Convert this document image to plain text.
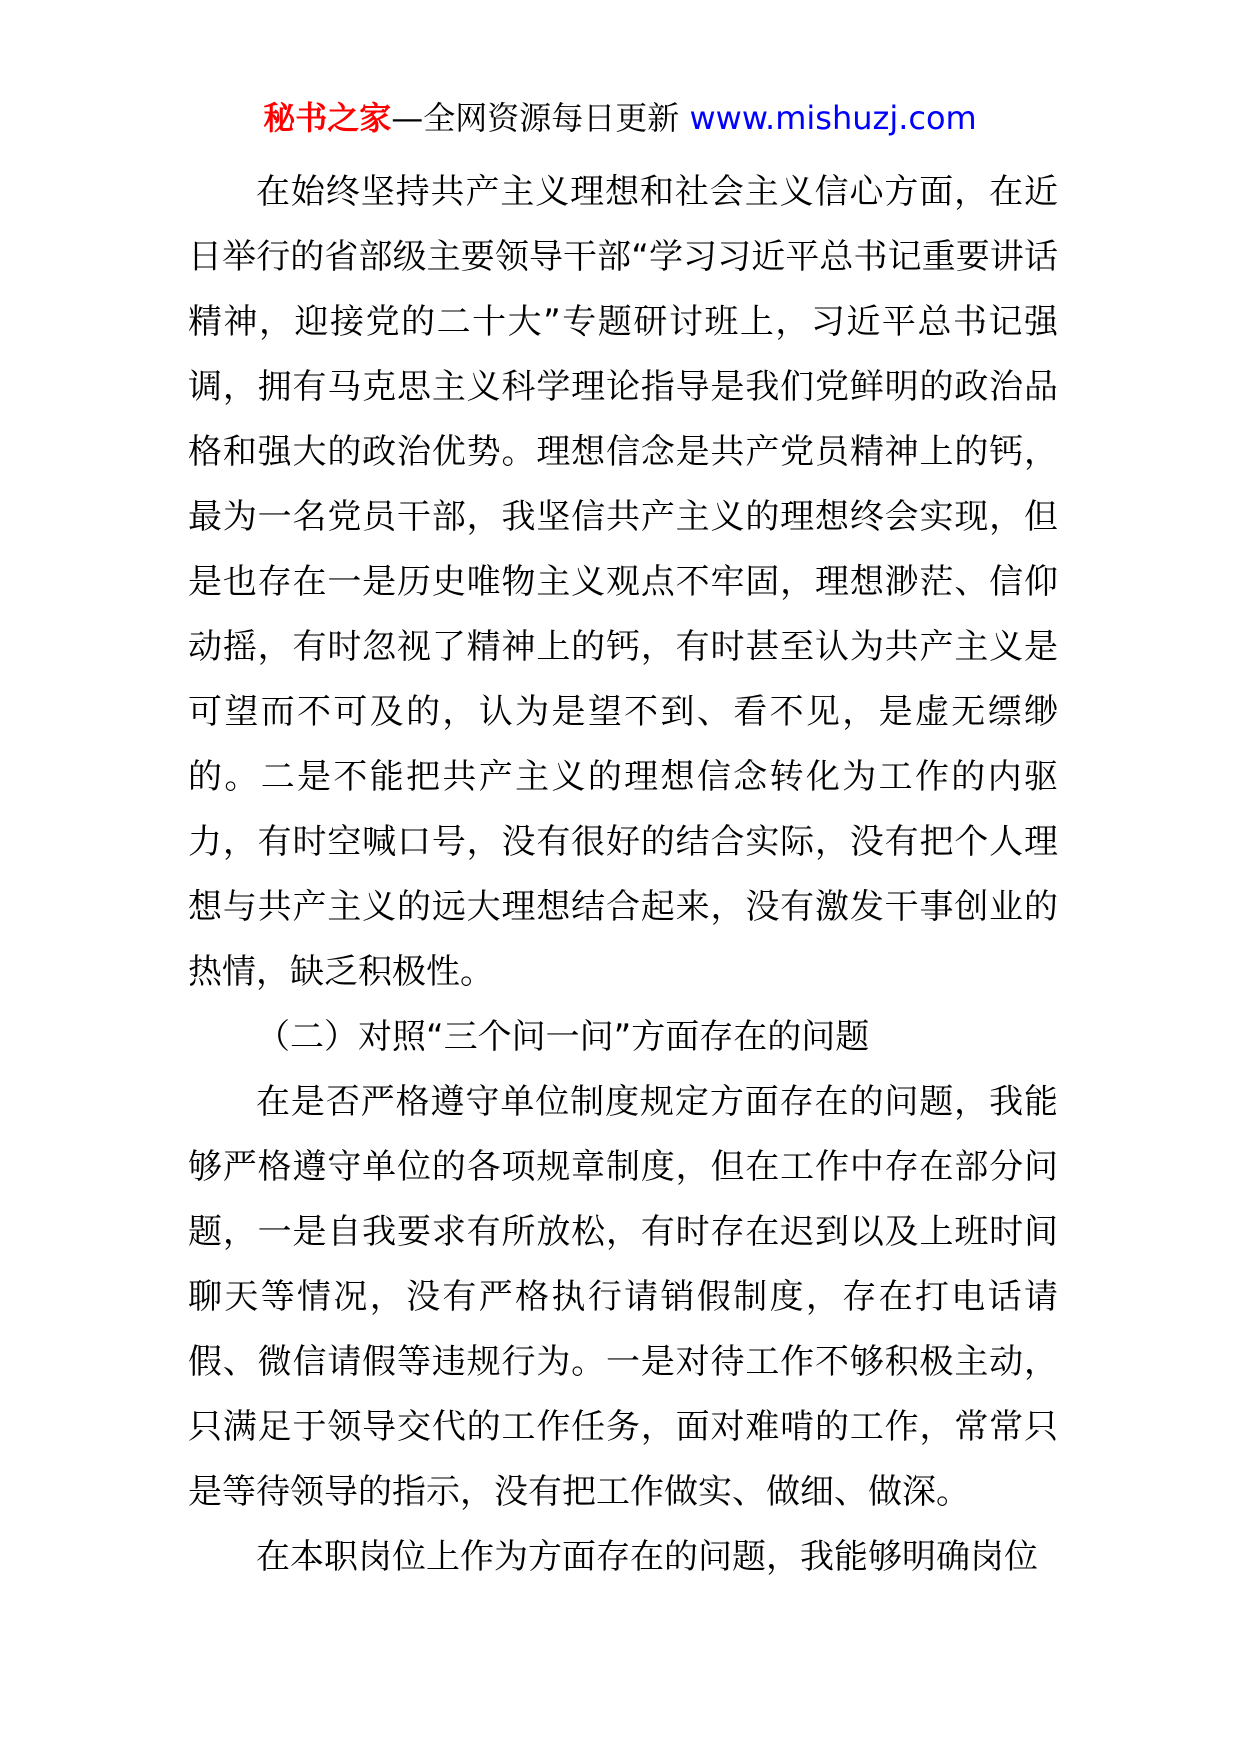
秘书之家—全网资源每日更新 www.mishuzj.com

在始终坚持共产主义理想和社会主义信心方面，在近日举行的省部级主要领导干部“学习习近平总书记重要讲话精神，迎接党的二十大”专题研讨班上，习近平总书记强调，拥有马克思主义科学理论指导是我们党鲜明的政治品格和强大的政治优势。理想信念是共产党员精神上的钙，最为一名党员干部，我坚信共产主义的理想终会实现，但是也存在一是历史唯物主义观点不牢固，理想渺茫、信仰动摇，有时忽视了精神上的钙，有时甚至认为共产主义是可望而不可及的，认为是望不到、看不见，是虚无缥缈的。二是不能把共产主义的理想信念转化为工作的内驱力，有时空喊口号，没有很好的结合实际，没有把个人理想与共产主义的远大理想结合起来，没有激发干事创业的热情，缺乏积极性。

（二）对照“三个问一问”方面存在的问题

在是否严格遵守单位制度规定方面存在的问题，我能够严格遵守单位的各项规章制度，但在工作中存在部分问题，一是自我要求有所放松，有时存在迟到以及上班时间聊天等情况，没有严格执行请销假制度，存在打电话请假、微信请假等违规行为。一是对待工作不够积极主动，只满足于领导交代的工作任务，面对难啃的工作，常常只是等待领导的指示，没有把工作做实、做细、做深。

在本职岗位上作为方面存在的问题，我能够明确岗位
